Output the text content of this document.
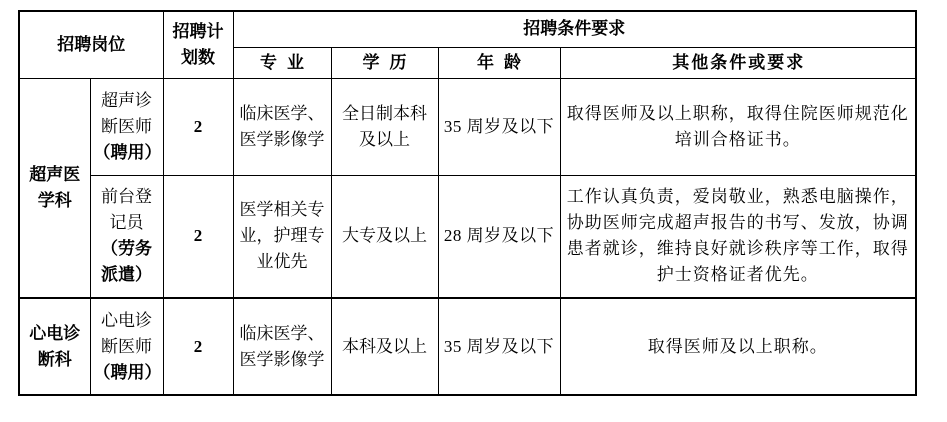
招聘岗位		招聘计划数	招聘条件要求			
			专业	学历	年龄	其他条件或要求
超声医学科	超声诊断医师（聘用）	2	临床医学、医学影像学	全日制本科及以上	35 周岁及以下	取得医师及以上职称，取得住院医师规范化培训合格证书。
	前台登记员（劳务派遣）	2	医学相关专业，护理专业优先	大专及以上	28 周岁及以下	工作认真负责，爱岗敬业，熟悉电脑操作，协助医师完成超声报告的书写、发放，协调患者就诊，维持良好就诊秩序等工作，取得护士资格证者优先。
心电诊断科	心电诊断医师（聘用）	2	临床医学、医学影像学	本科及以上	35 周岁及以下	取得医师及以上职称。
